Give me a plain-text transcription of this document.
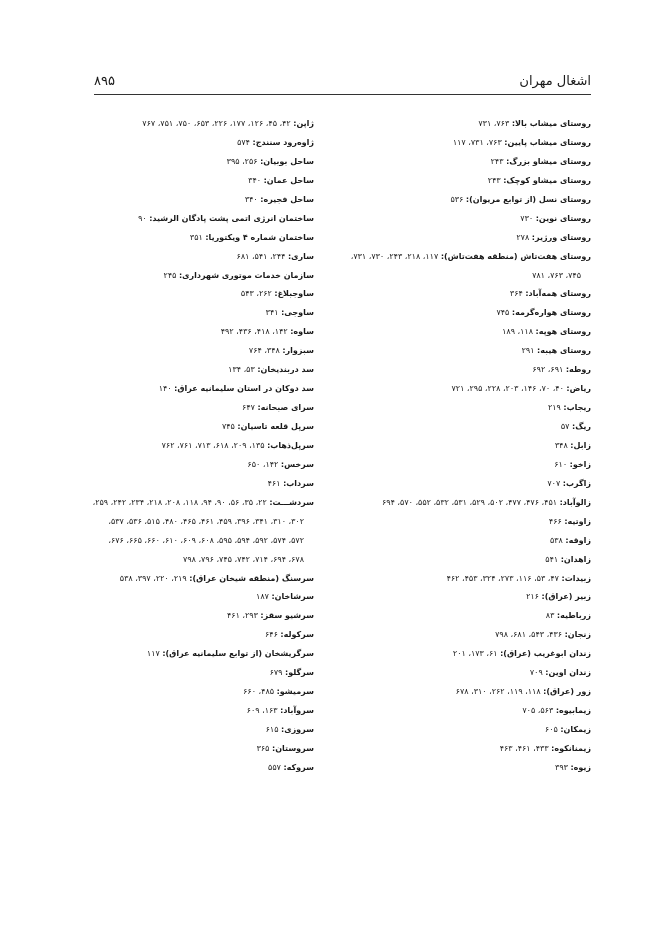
اشغال مهران
۸۹۵
روستای میشاب بالا: ۷۶۳، ۷۳۱
روستای میشاب پایین: ۷۶۳، ۷۳۱، ۱۱۷
روستای میشاو بزرگ: ۲۴۳
روستای میشاو کوچک: ۲۴۳
روستای نسل (از توابع مریوان): ۵۳۶
روستای نوین: ۷۳۰
روستای ورژیر: ۲۷۸
روستای هفت‌تاش (منطقه هفت‌تاش): ۱۱۷، ۲۱۸، ۲۴۳، ۷۳۰، ۷۳۱،
۷۴۵، ۷۶۳، ۷۸۱
روستای همه‌آباد: ۳۶۴
روستای هواره‌گرمه: ۷۴۵
روستای هوپه: ۱۱۸، ۱۸۹
روستای هیبه: ۲۹۱
روطه: ۶۹۱، ۶۹۲
ریاض: ۴۰، ۷۰، ۱۴۶، ۲۰۳، ۲۲۸، ۲۹۵، ۷۲۱
ریجاب: ۲۱۹
ریگ: ۵۷
زابل: ۳۴۸
زاخو: ۶۱۰
زاگرب: ۷۰۷
زالوآباد: ۴۵۱، ۴۷۶، ۴۷۷، ۵۰۲، ۵۲۹، ۵۳۱، ۵۳۲، ۵۵۲، ۵۷۰، ۶۹۴
زاوتیه: ۴۶۶
زاوقه: ۵۳۸
زاهدان: ۵۴۱
زبیدات: ۴۷، ۵۳، ۱۱۶، ۲۷۳، ۳۲۴، ۴۵۳، ۴۶۲
زبیر (عراق): ۲۱۶
زرباطیه: ۸۳
زنجان: ۴۳۶، ۵۴۳، ۶۸۱، ۷۹۸
زندان ابوغریب (عراق): ۶۱، ۱۷۳، ۲۰۱
زندان اوین: ۷۰۹
زور (عراق): ۱۱۸، ۱۱۹، ۲۶۲، ۳۱۰، ۶۷۸
زیمابیوه: ۵۶۳، ۷۰۵
زیمکان: ۶۰۵
زیمنانکوه: ۴۳۳، ۴۶۱، ۴۶۳
زیوه: ۳۹۳
ژاپن: ۴۲، ۴۵، ۱۲۶، ۱۷۷، ۲۲۶، ۶۵۳، ۷۵۰، ۷۵۱، ۷۶۷
ژاوه‌رود سنندج: ۵۷۴
ساحل بوبیان: ۲۵۶، ۳۹۵
ساحل عمان: ۳۴۰
ساحل فجیره: ۳۴۰
ساختمان انرژی اتمی پشت پادگان الرشید: ۹۰
ساختمان شماره ۴ ویکتوریا: ۳۵۱
ساری: ۲۴۴، ۵۴۱، ۶۸۱
سازمان خدمات موتوری شهرداری: ۲۴۵
ساوجبلاغ: ۲۶۲، ۵۴۳
ساوجی: ۳۴۱
ساوه: ۱۴۲، ۴۱۸، ۴۳۶، ۴۹۲
سبزوار: ۳۴۸، ۷۶۴
سد دربندیخان: ۵۳، ۱۳۴
سد دوکان در استان سلیمانیه عراق: ۱۴۰
سرای صبحانه: ۶۴۷
سرپل قلعه تاسیان: ۷۴۵
سرپل‌ذهاب: ۱۳۵، ۲۰۹، ۶۱۸، ۷۱۳، ۷۶۱، ۷۶۲
سرخس: ۱۴۲، ۶۵۰
سرداب: ۴۶۱
سردشـــت: ۲۲، ۳۵، ۵۶، ۹۰، ۹۴، ۱۱۸، ۲۰۸، ۲۱۸، ۲۳۴، ۲۴۲، ۲۵۹،
۳۰۲، ۳۱۰، ۳۴۱، ۳۹۶، ۴۵۹، ۴۶۱، ۴۶۵، ۴۸۰، ۵۱۵، ۵۳۶، ۵۳۷،
۵۷۲، ۵۷۴، ۵۹۲، ۵۹۴، ۵۹۵، ۶۰۸، ۶۰۹، ۶۱۰، ۶۶۰، ۶۶۵، ۶۷۶،
۶۷۸، ۶۹۴، ۷۱۴، ۷۴۲، ۷۴۵، ۷۹۶، ۷۹۸
سرسنگ (منطقه شیخان عراق): ۲۱۹، ۲۲۰، ۳۹۷، ۵۳۸
سرشاخان: ۱۸۷
سرشیو سقز: ۲۹۳، ۴۶۱
سرکوله: ۶۴۶
سرگریشخان (از توابع سلیمانیه عراق): ۱۱۷
سرگلو: ۶۷۹
سرمیشو: ۴۸۵، ۶۶۰
سروآباد: ۱۶۳، ۶۰۹
سروزی: ۶۱۵
سروستان: ۳۶۵
سروکه: ۵۵۷
